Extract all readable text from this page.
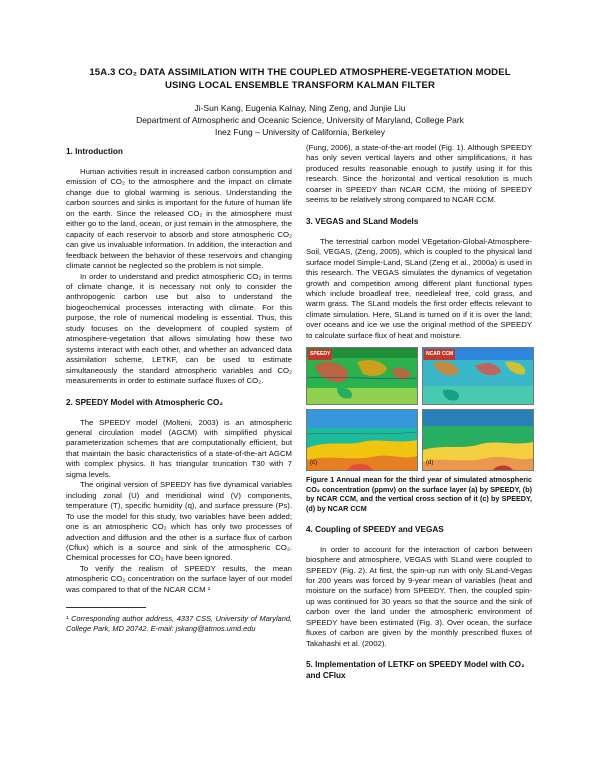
15A.3 CO₂ DATA ASSIMILATION WITH THE COUPLED ATMOSPHERE-VEGETATION MODEL
USING LOCAL ENSEMBLE TRANSFORM KALMAN FILTER
Ji-Sun Kang, Eugenia Kalnay, Ning Zeng, and Junjie Liu
Department of Atmospheric and Oceanic Science, University of Maryland, College Park
Inez Fung – University of California, Berkeley
1. Introduction

Human activities result in increased carbon consumption and emission of CO₂ to the atmosphere and the impact on climate change due to global warming is serious. Understanding the carbon sources and sinks is important for the future of human life on the earth. Since the released CO₂ in the atmosphere must either go to the land, ocean, or just remain in the atmosphere, the capacity of each reservoir to absorb and store atmospheric CO₂ can give us invaluable information. In addition, the interaction and feedback between the behavior of these reservoirs and changing climate cannot be neglected so the problem is not simple.

In order to understand and predict atmospheric CO₂ in terms of climate change, it is necessary not only to consider the anthropogenic carbon use but also to understand the biogeochemical processes interacting with climate. For this purpose, the role of numerical modeling is essential. Thus, this study focuses on the development of coupled system of atmosphere-vegetation that allows simulating how these two systems interact with each other, and whether an advanced data assimilation scheme, LETKF, can be used to estimate simultaneously the standard atmospheric variables and CO₂ measurements in order to estimate surface fluxes of CO₂.

2. SPEEDY Model with Atmospheric CO₂

The SPEEDY model (Molteni, 2003) is an atmospheric general circulation model (AGCM) with simplified physical parameterization schemes that are computationally efficient, but that maintain the basic characteristics of a state-of-the-art AGCM with complex physics. It has triangular truncation T30 with 7 sigma levels.

The original version of SPEEDY has five dynamical variables including zonal (U) and meridional wind (V) components, temperature (T), specific humidity (q), and surface pressure (Ps). To use the model for this study, two variables have been added; one is an atmospheric CO₂ which has only two processes of advection and diffusion and the other is a surface flux of carbon (Cflux) which is a source and sink of the atmospheric CO₂. Chemical processes for CO₂ have been ignored.

To verify the realism of SPEEDY results, the mean atmospheric CO₂ concentration on the surface layer of our model was compared to that of the NCAR CCM ¹

¹ Corresponding author address, 4337 CSS, University of Maryland, College Park, MD 20742. E-mail: jskang@atmos.umd.edu

(Fung, 2006), a state-of-the-art model (Fig. 1). Although SPEEDY has only seven vertical layers and other simplifications, it has produced results reasonable enough to justify using it for this research. Since the horizontal and vertical resolution is much coarser in SPEEDY than NCAR CCM, the mixing of SPEEDY seems to be relatively strong compared to NCAR CCM.

3. VEGAS and SLand Models

The terrestrial carbon model VEgetation-Global-Atmosphere-Soil, VEGAS, (Zeng, 2005), which is coupled to the physical land surface model Simple-Land, SLand (Zeng et al., 2000a) is used in this research. The VEGAS simulates the dynamics of vegetation growth and competition among different plant functional types which include broadleaf tree, needleleaf tree, cold grass, and warm grass. The SLand models the first order effects relevant to climate simulation. Here, SLand is turned on if it is over the land; over oceans and ice we use the original method of the SPEEDY to calculate surface flux of heat and moisture.

SPEEDY	NCAR CCM
(c)	(d)

Figure 1 Annual mean for the third year of simulated atmospheric CO₂ concentration (ppmv) on the surface layer (a) by SPEEDY, (b) by NCAR CCM, and the vertical cross section of it (c) by SPEEDY, (d) by NCAR CCM

4. Coupling of SPEEDY and VEGAS

In order to account for the interaction of carbon between biosphere and atmosphere, VEGAS with SLand were coupled to SPEEDY (Fig. 2). At first, the spin-up run with only SLand-Vegas for 200 years was forced by 9-year mean of variables (heat and moisture on the surface) from SPEEDY. Then, the coupled spin-up was continued for 30 years so that the source and the sink of carbon over the land under the atmospheric environment of SPEEDY have been estimated (Fig. 3). Over ocean, the surface fluxes of carbon are given by the monthly prescribed fluxes of Takahashi et al. (2002).

5. Implementation of LETKF on SPEEDY Model with CO₂ and CFlux
